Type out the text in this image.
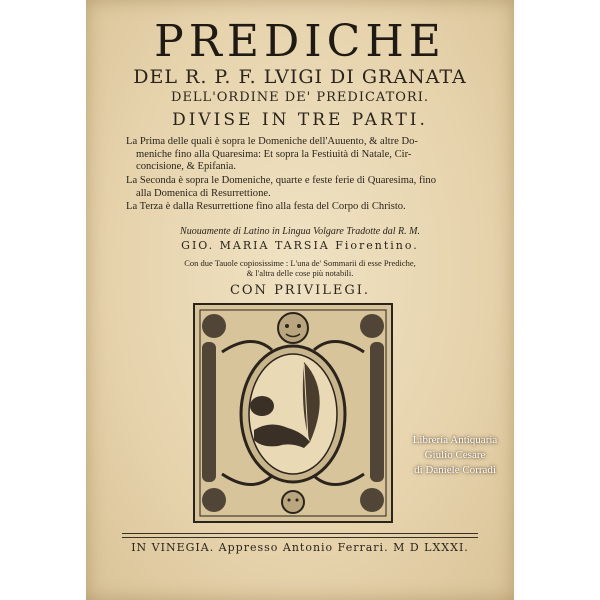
PREDICHE
DEL R. P. F. LVIGI DI GRANATA
DELL'ORDINE DE' PREDICATORI.
DIVISE IN TRE PARTI.
La Prima delle quali è sopra le Domeniche dell'Auuento, & altre Do-
meniche fino alla Quaresima: Et sopra la Festiuità di Natale, Cir-
concisione, & Epifania.
La Seconda è sopra le Domeniche, quarte e feste ferie di Quaresima, fino
alla Domenica di Resurrettione.
La Terza è dalla Resurrettione fino alla festa del Corpo di Christo.
Nuouamente di Latino in Lingua Volgare Tradotte dal R. M.
GIO. MARIA TARSIA Fiorentino.
Con due Tauole copiosissime : L'una de' Sommarii di esse Prediche,
& l'altra delle cose più notabili.
CON PRIVILEGI.
IN VINEGIA. Appresso Antonio Ferrari. M D LXXXI.
Libreria Antiquaria
Giulio Cesare
di Daniele Corradi
